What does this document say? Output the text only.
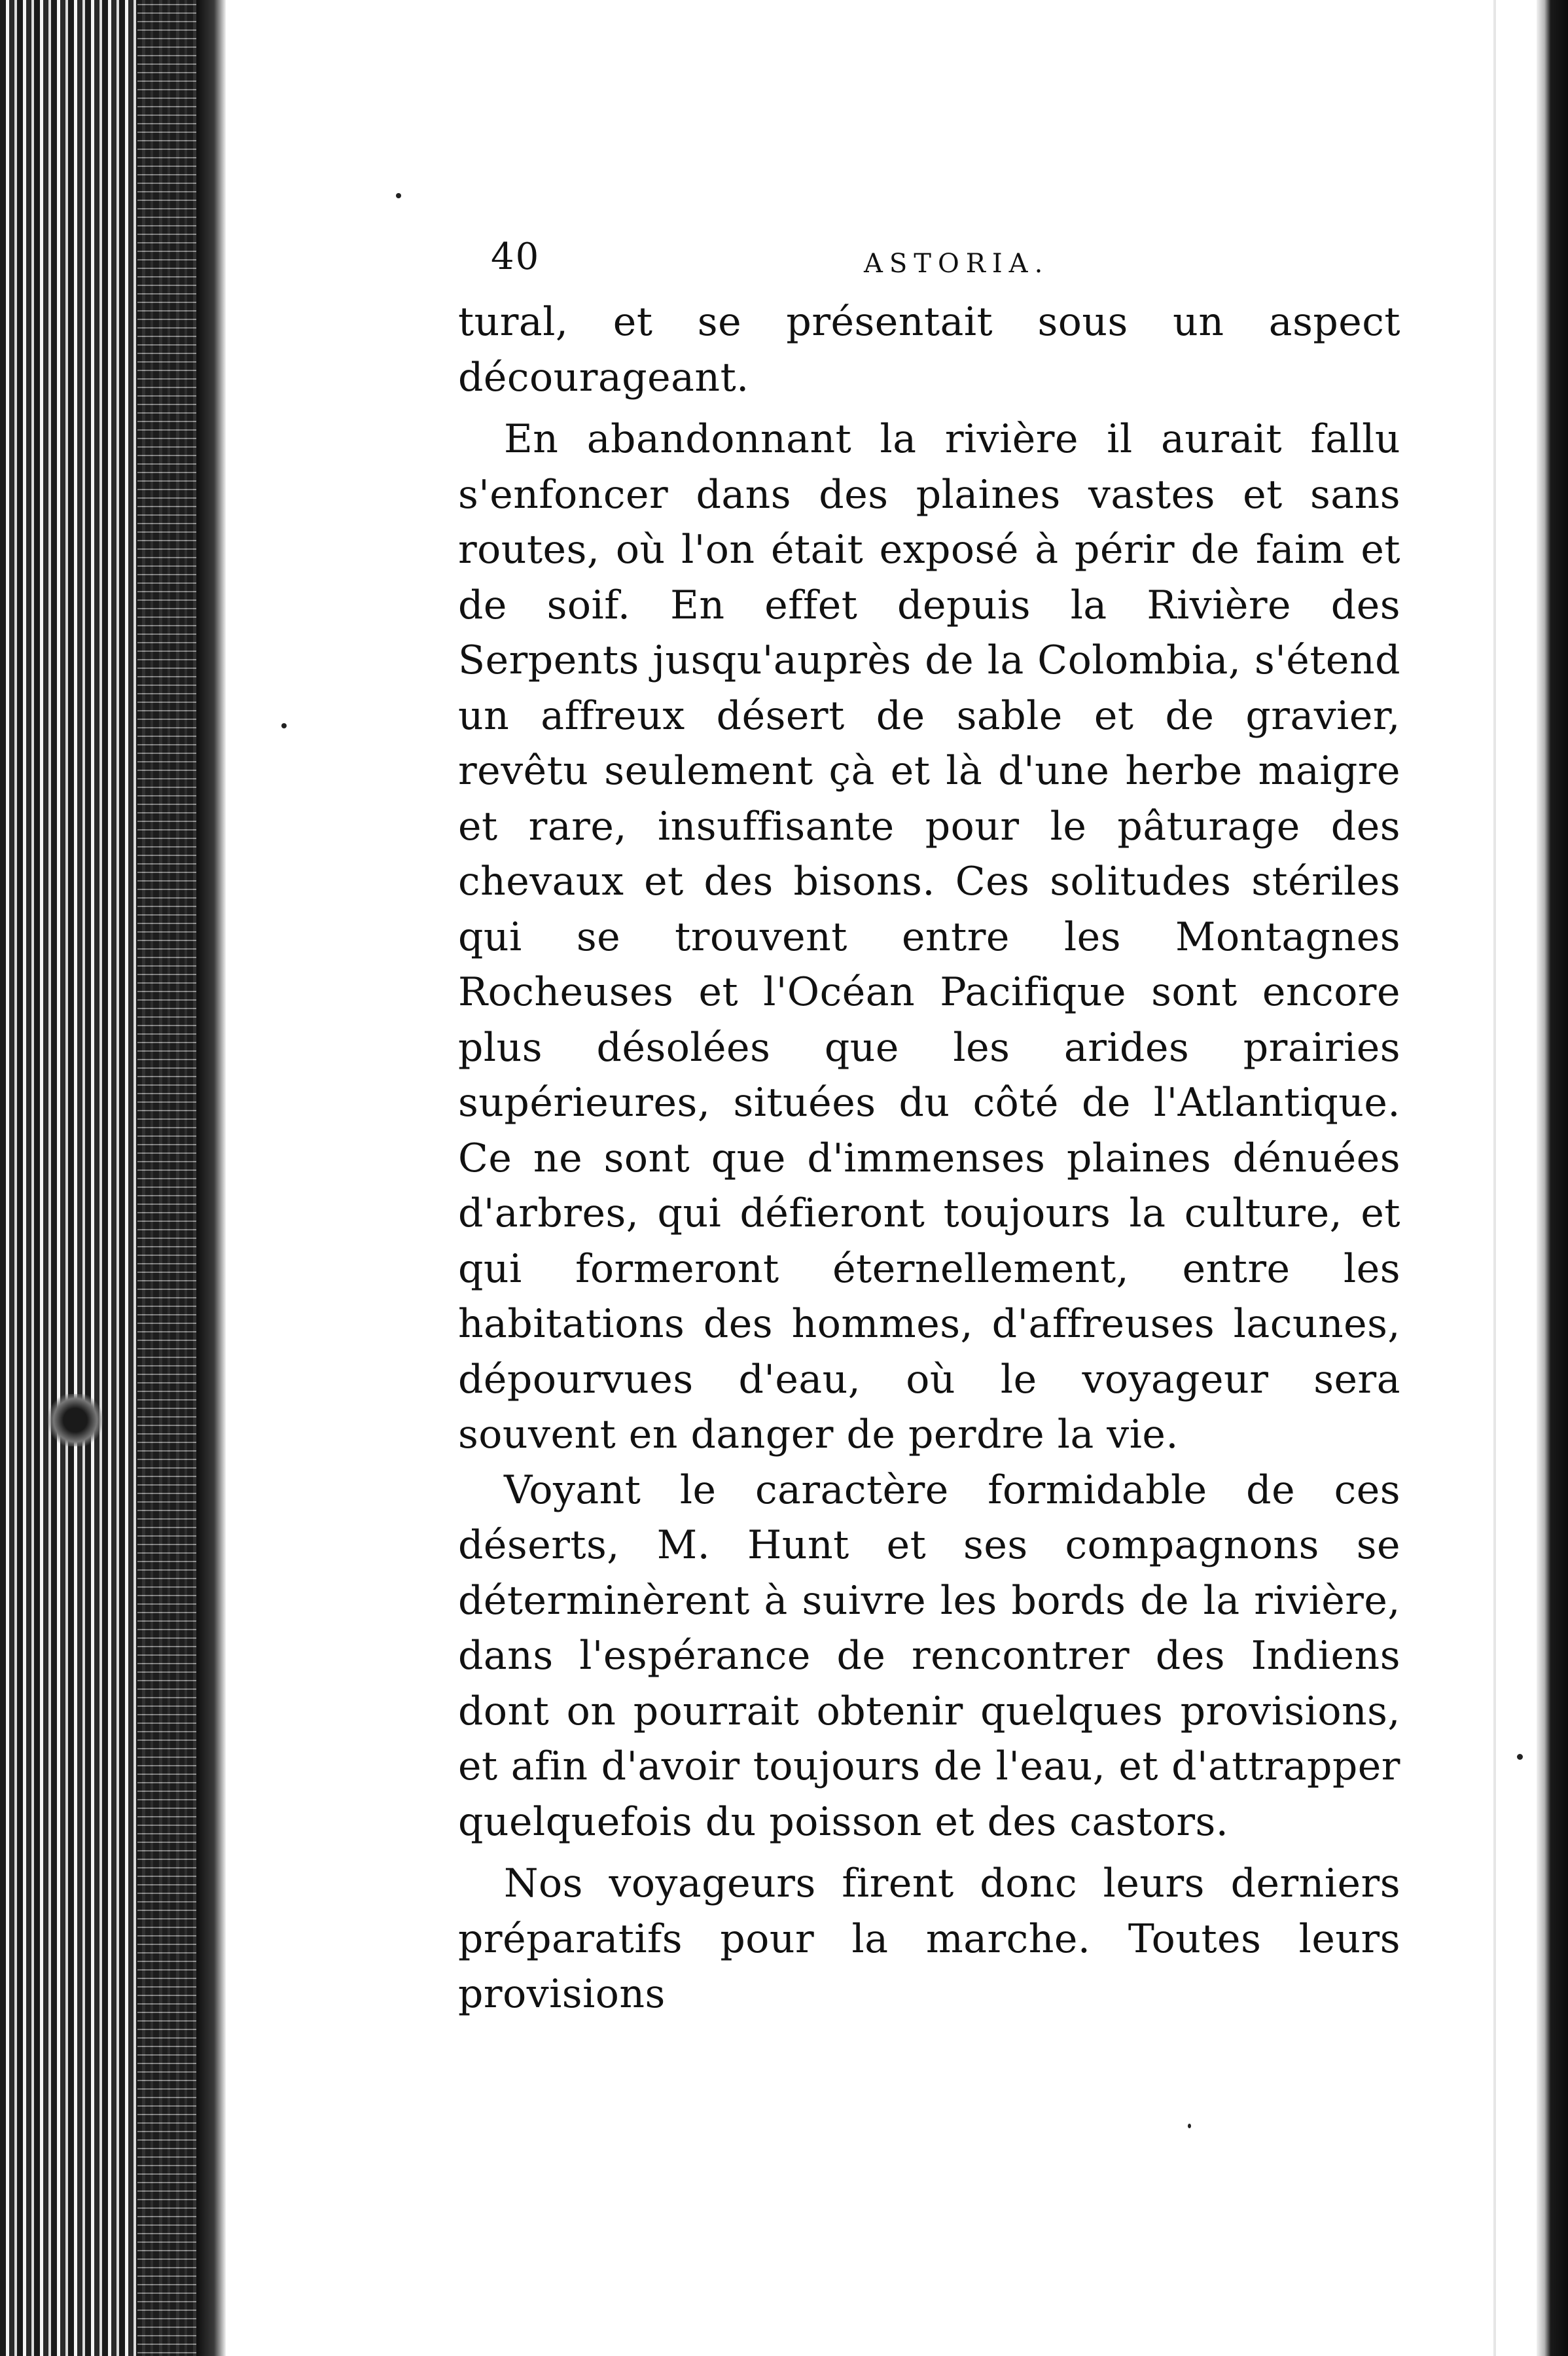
40	ASTORIA.

tural, et se présentait sous un aspect décourageant.

En abandonnant la rivière il aurait fallu s'enfoncer dans des plaines vastes et sans routes, où l'on était exposé à périr de faim et de soif. En effet depuis la Rivière des Serpents jusqu'auprès de la Colombia, s'étend un affreux désert de sable et de gravier, revêtu seulement çà et là d'une herbe maigre et rare, insuffisante pour le pâturage des chevaux et des bisons. Ces solitudes stériles qui se trouvent entre les Montagnes Rocheuses et l'Océan Pacifique sont encore plus désolées que les arides prairies supérieures, situées du côté de l'Atlantique. Ce ne sont que d'immenses plaines dénuées d'arbres, qui défieront toujours la culture, et qui formeront éternellement, entre les habitations des hommes, d'affreuses lacunes, dépourvues d'eau, où le voyageur sera souvent en danger de perdre la vie.

Voyant le caractère formidable de ces déserts, M. Hunt et ses compagnons se déterminèrent à suivre les bords de la rivière, dans l'espérance de rencontrer des Indiens dont on pourrait obtenir quelques provisions, et afin d'avoir toujours de l'eau, et d'attrapper quelquefois du poisson et des castors.

Nos voyageurs firent donc leurs derniers préparatifs pour la marche. Toutes leurs provisions
